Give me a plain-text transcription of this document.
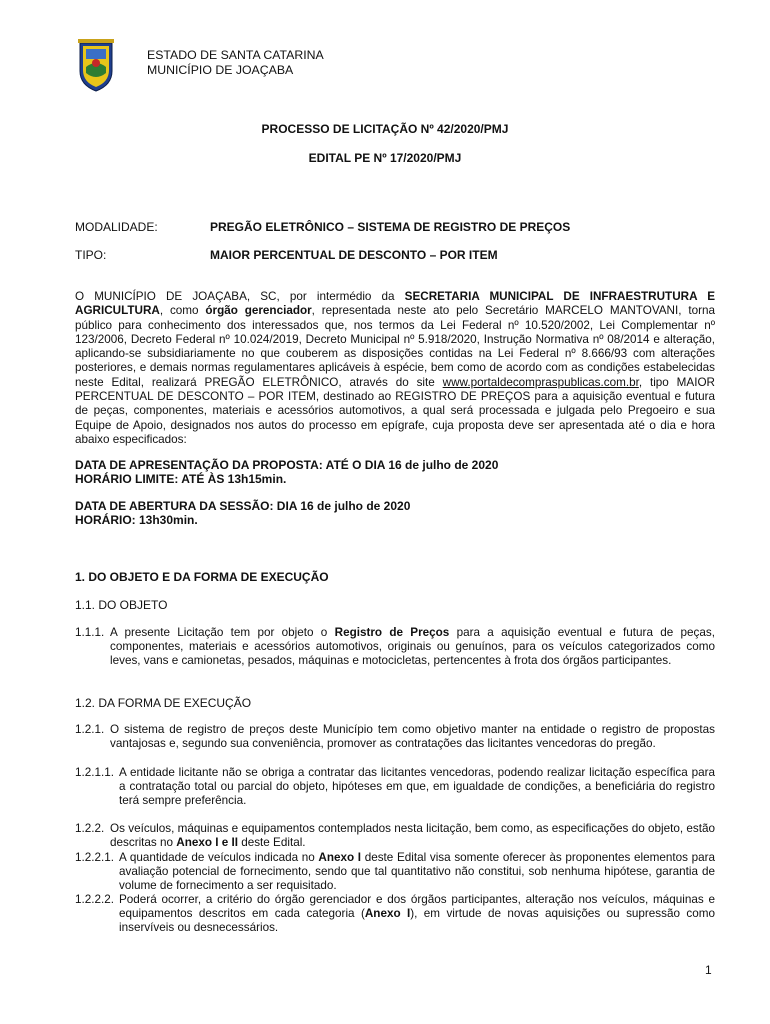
ESTADO DE SANTA CATARINA
MUNICÍPIO DE JOAÇABA
PROCESSO DE LICITAÇÃO Nº 42/2020/PMJ
EDITAL PE Nº 17/2020/PMJ
MODALIDADE:	PREGÃO ELETRÔNICO – SISTEMA DE REGISTRO DE PREÇOS
TIPO:	MAIOR PERCENTUAL DE DESCONTO – POR ITEM
O MUNICÍPIO DE JOAÇABA, SC, por intermédio da SECRETARIA MUNICIPAL DE INFRAESTRUTURA E AGRICULTURA, como órgão gerenciador, representada neste ato pelo Secretário MARCELO MANTOVANI, torna público para conhecimento dos interessados que, nos termos da Lei Federal nº 10.520/2002, Lei Complementar nº 123/2006, Decreto Federal nº 10.024/2019, Decreto Municipal nº 5.918/2020, Instrução Normativa nº 08/2014 e alteração, aplicando-se subsidiariamente no que couberem as disposições contidas na Lei Federal nº 8.666/93 com alterações posteriores, e demais normas regulamentares aplicáveis à espécie, bem como de acordo com as condições estabelecidas neste Edital, realizará PREGÃO ELETRÔNICO, através do site www.portaldecompraspublicas.com.br, tipo MAIOR PERCENTUAL DE DESCONTO – POR ITEM, destinado ao REGISTRO DE PREÇOS para a aquisição eventual e futura de peças, componentes, materiais e acessórios automotivos, a qual será processada e julgada pelo Pregoeiro e sua Equipe de Apoio, designados nos autos do processo em epígrafe, cuja proposta deve ser apresentada até o dia e hora abaixo especificados:
DATA DE APRESENTAÇÃO DA PROPOSTA: ATÉ O DIA 16 de julho de 2020
HORÁRIO LIMITE: ATÉ ÀS 13h15min.
DATA DE ABERTURA DA SESSÃO: DIA 16 de julho de 2020
HORÁRIO: 13h30min.
1. DO OBJETO E DA FORMA DE EXECUÇÃO
1.1. DO OBJETO
1.1.1. A presente Licitação tem por objeto o Registro de Preços para a aquisição eventual e futura de peças, componentes, materiais e acessórios automotivos, originais ou genuínos, para os veículos categorizados como leves, vans e camionetas, pesados, máquinas e motocicletas, pertencentes à frota dos órgãos participantes.
1.2. DA FORMA DE EXECUÇÃO
1.2.1. O sistema de registro de preços deste Município tem como objetivo manter na entidade o registro de propostas vantajosas e, segundo sua conveniência, promover as contratações das licitantes vencedoras do pregão.
1.2.1.1. A entidade licitante não se obriga a contratar das licitantes vencedoras, podendo realizar licitação específica para a contratação total ou parcial do objeto, hipóteses em que, em igualdade de condições, a beneficiária do registro terá sempre preferência.
1.2.2. Os veículos, máquinas e equipamentos contemplados nesta licitação, bem como, as especificações do objeto, estão descritas no Anexo I e II deste Edital.
1.2.2.1. A quantidade de veículos indicada no Anexo I deste Edital visa somente oferecer às proponentes elementos para avaliação potencial de fornecimento, sendo que tal quantitativo não constitui, sob nenhuma hipótese, garantia de volume de fornecimento a ser requisitado.
1.2.2.2. Poderá ocorrer, a critério do órgão gerenciador e dos órgãos participantes, alteração nos veículos, máquinas e equipamentos descritos em cada categoria (Anexo I), em virtude de novas aquisições ou supressão como inservíveis ou desnecessários.
1
